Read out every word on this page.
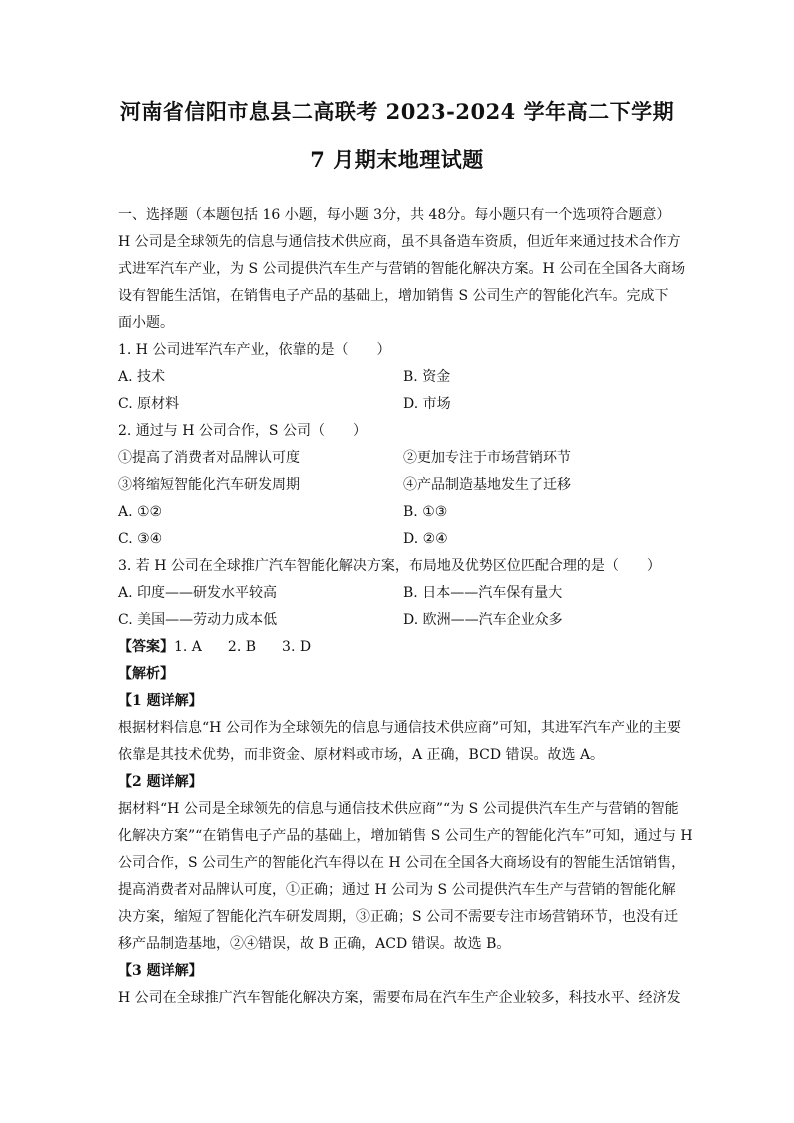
河南省信阳市息县二高联考 2023-2024 学年高二下学期
7 月期末地理试题
一、选择题（本题包括 16 小题，每小题 3分，共 48分。每小题只有一个选项符合题意）
H 公司是全球领先的信息与通信技术供应商，虽不具备造车资质，但近年来通过技术合作方
式进军汽车产业，为 S 公司提供汽车生产与营销的智能化解决方案。H 公司在全国各大商场
设有智能生活馆，在销售电子产品的基础上，增加销售 S 公司生产的智能化汽车。完成下
面小题。
1. H 公司进军汽车产业，依靠的是（　　）
A. 技术	B. 资金
C. 原材料	D. 市场
2. 通过与 H 公司合作，S 公司（　　）
①提高了消费者对品牌认可度	②更加专注于市场营销环节
③将缩短智能化汽车研发周期	④产品制造基地发生了迁移
A. ①②	B. ①③
C. ③④	D. ②④
3. 若 H 公司在全球推广汽车智能化解决方案，布局地及优势区位匹配合理的是（　　）
A. 印度——研发水平较高	B. 日本——汽车保有量大
C. 美国——劳动力成本低	D. 欧洲——汽车企业众多
【答案】1. A 2. B 3. D
【解析】
【1 题详解】
根据材料信息“H 公司作为全球领先的信息与通信技术供应商”可知，其进军汽车产业的主要
依靠是其技术优势，而非资金、原材料或市场，A 正确，BCD 错误。故选 A。
【2 题详解】
据材料“H 公司是全球领先的信息与通信技术供应商”“为 S 公司提供汽车生产与营销的智能
化解决方案”“在销售电子产品的基础上，增加销售 S 公司生产的智能化汽车”可知，通过与 H
公司合作，S 公司生产的智能化汽车得以在 H 公司在全国各大商场设有的智能生活馆销售，
提高消费者对品牌认可度，①正确；通过 H 公司为 S 公司提供汽车生产与营销的智能化解
决方案，缩短了智能化汽车研发周期，③正确；S 公司不需要专注市场营销环节，也没有迁
移产品制造基地，②④错误，故 B 正确，ACD 错误。故选 B。
【3 题详解】
H 公司在全球推广汽车智能化解决方案，需要布局在汽车生产企业较多，科技水平、经济发
